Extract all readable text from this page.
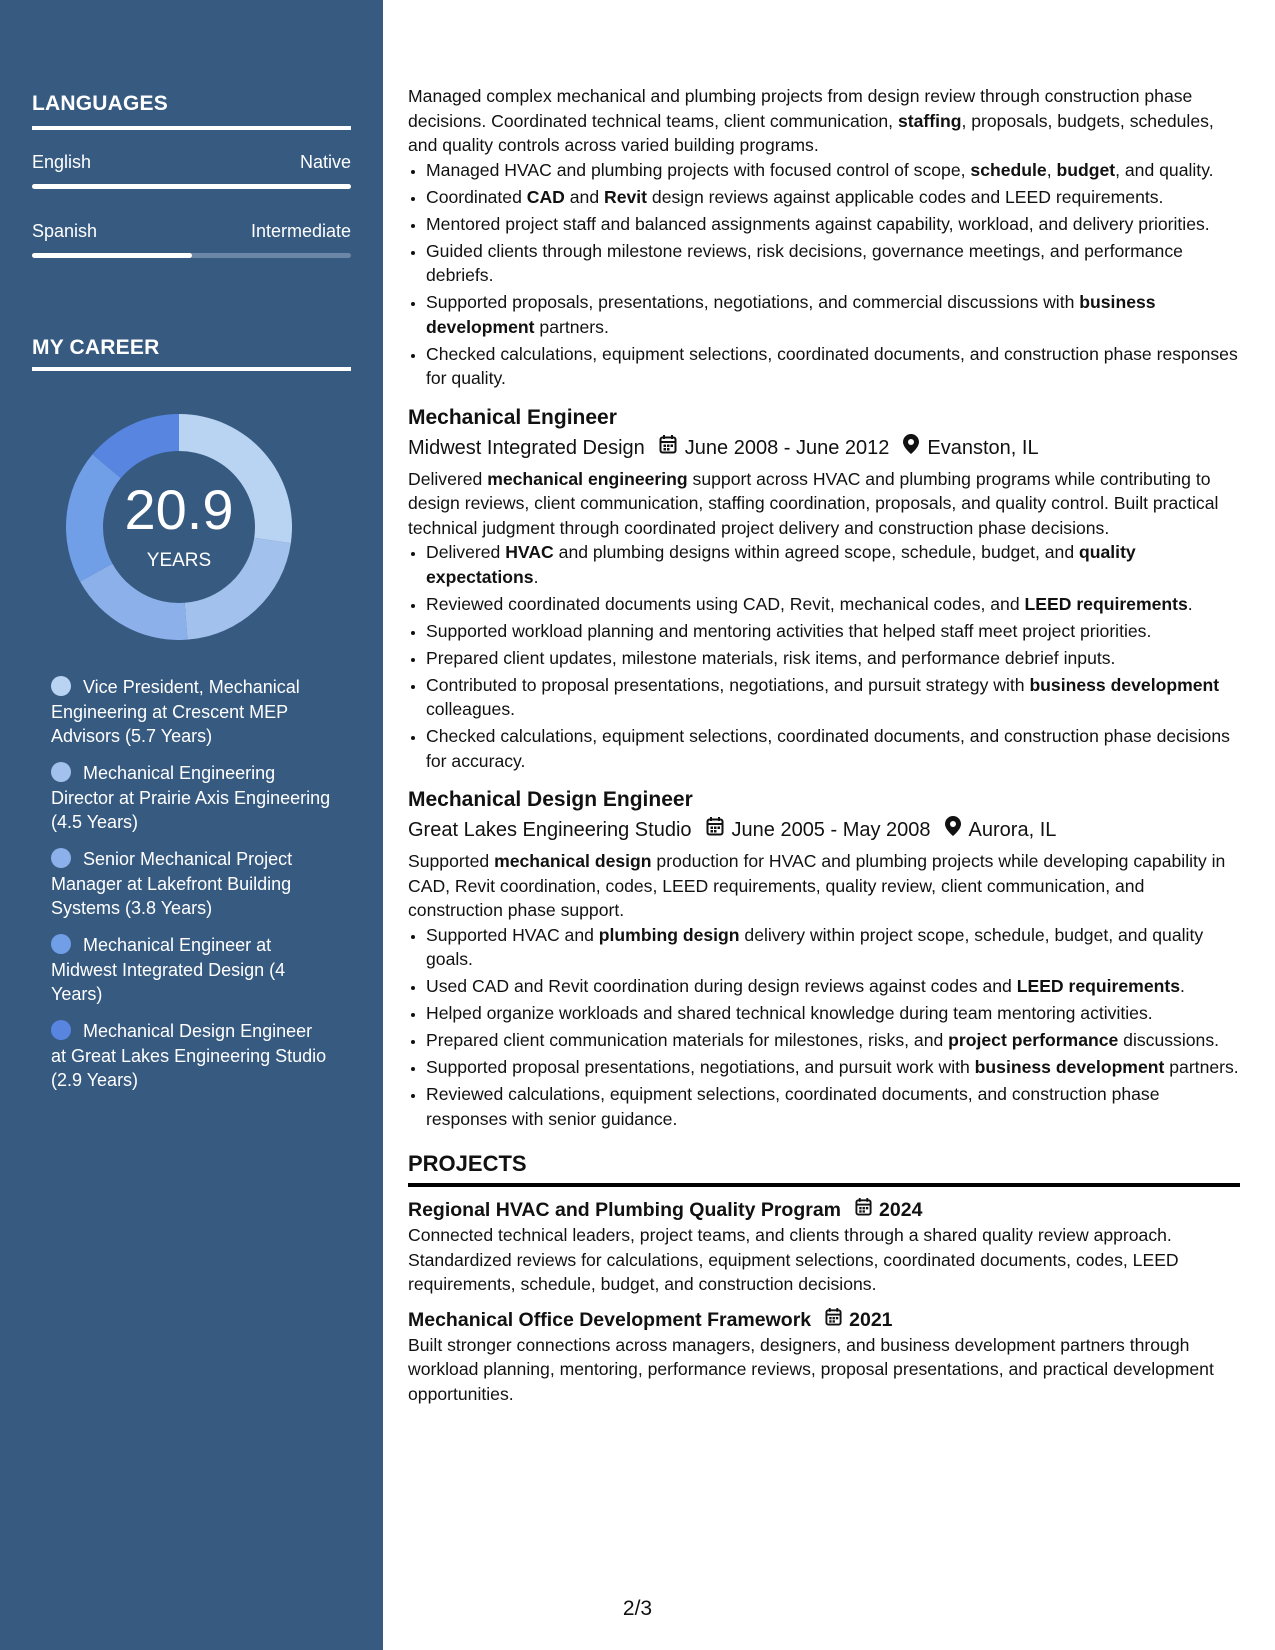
LANGUAGES
English	Native
Spanish	Intermediate
MY CAREER
20.9
YEARS
Vice President, Mechanical Engineering at Crescent MEP Advisors (5.7 Years)
Mechanical Engineering Director at Prairie Axis Engineering (4.5 Years)
Senior Mechanical Project Manager at Lakefront Building Systems (3.8 Years)
Mechanical Engineer at Midwest Integrated Design (4 Years)
Mechanical Design Engineer at Great Lakes Engineering Studio (2.9 Years)

Managed complex mechanical and plumbing projects from design review through construction phase decisions. Coordinated technical teams, client communication, staffing, proposals, budgets, schedules, and quality controls across varied building programs.

• Managed HVAC and plumbing projects with focused control of scope, schedule, budget, and quality.
• Coordinated CAD and Revit design reviews against applicable codes and LEED requirements.
• Mentored project staff and balanced assignments against capability, workload, and delivery priorities.
• Guided clients through milestone reviews, risk decisions, governance meetings, and performance debriefs.
• Supported proposals, presentations, negotiations, and commercial discussions with business development partners.
• Checked calculations, equipment selections, coordinated documents, and construction phase responses for quality.
Mechanical Engineer
Midwest Integrated Design June 2008 - June 2012 Evanston, IL

Delivered mechanical engineering support across HVAC and plumbing programs while contributing to design reviews, client communication, staffing coordination, proposals, and quality control. Built practical technical judgment through coordinated project delivery and construction phase decisions.

• Delivered HVAC and plumbing designs within agreed scope, schedule, budget, and quality expectations.
• Reviewed coordinated documents using CAD, Revit, mechanical codes, and LEED requirements.
• Supported workload planning and mentoring activities that helped staff meet project priorities.
• Prepared client updates, milestone materials, risk items, and performance debrief inputs.
• Contributed to proposal presentations, negotiations, and pursuit strategy with business development colleagues.
• Checked calculations, equipment selections, coordinated documents, and construction phase decisions for accuracy.
Mechanical Design Engineer
Great Lakes Engineering Studio June 2005 - May 2008 Aurora, IL

Supported mechanical design production for HVAC and plumbing projects while developing capability in CAD, Revit coordination, codes, LEED requirements, quality review, client communication, and construction phase support.

• Supported HVAC and plumbing design delivery within project scope, schedule, budget, and quality goals.
• Used CAD and Revit coordination during design reviews against codes and LEED requirements.
• Helped organize workloads and shared technical knowledge during team mentoring activities.
• Prepared client communication materials for milestones, risks, and project performance discussions.
• Supported proposal presentations, negotiations, and pursuit work with business development partners.
• Reviewed calculations, equipment selections, coordinated documents, and construction phase responses with senior guidance.
PROJECTS
Regional HVAC and Plumbing Quality Program 2024

Connected technical leaders, project teams, and clients through a shared quality review approach. Standardized reviews for calculations, equipment selections, coordinated documents, codes, LEED requirements, schedule, budget, and construction decisions.

Mechanical Office Development Framework 2021

Built stronger connections across managers, designers, and business development partners through workload planning, mentoring, performance reviews, proposal presentations, and practical development opportunities.

2/3
